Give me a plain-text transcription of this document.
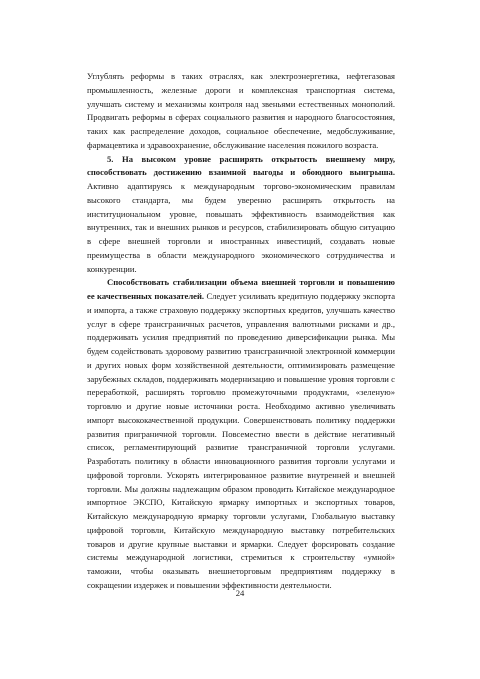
Углублять реформы в таких отраслях, как электроэнергетика, нефтегазовая промышленность, железные дороги и комплексная транспортная система, улучшать систему и механизмы контроля над звеньями естественных монополий. Продвигать реформы в сферах социального развития и народного благосостояния, таких как распределение доходов, социальное обеспечение, медобслуживание, фармацевтика и здравоохранение, обслуживание населения пожилого возраста.

5. На высоком уровне расширять открытость внешнему миру, способствовать достижению взаимной выгоды и обоюдного выигрыша. Активно адаптируясь к международным торгово-экономическим правилам высокого стандарта, мы будем уверенно расширять открытость на институциональном уровне, повышать эффективность взаимодействия как внутренних, так и внешних рынков и ресурсов, стабилизировать общую ситуацию в сфере внешней торговли и иностранных инвестиций, создавать новые преимущества в области международного экономического сотрудничества и конкуренции.

Способствовать стабилизации объема внешней торговли и повышению ее качественных показателей. Следует усиливать кредитную поддержку экспорта и импорта, а также страховую поддержку экспортных кредитов, улучшать качество услуг в сфере трансграничных расчетов, управления валютными рисками и др., поддерживать усилия предприятий по проведению диверсификации рынка. Мы будем содействовать здоровому развитию трансграничной электронной коммерции и других новых форм хозяйственной деятельности, оптимизировать размещение зарубежных складов, поддерживать модернизацию и повышение уровня торговли с переработкой, расширять торговлю промежуточными продуктами, «зеленую» торговлю и другие новые источники роста. Необходимо активно увеличивать импорт высококачественной продукции. Совершенствовать политику поддержки развития приграничной торговли. Повсеместно ввести в действие негативный список, регламентирующий развитие трансграничной торговли услугами. Разработать политику в области инновационного развития торговли услугами и цифровой торговли. Ускорять интегрированное развитие внутренней и внешней торговли. Мы должны надлежащим образом проводить Китайское международное импортное ЭКСПО, Китайскую ярмарку импортных и экспортных товаров, Китайскую международную ярмарку торговли услугами, Глобальную выставку цифровой торговли, Китайскую международную выставку потребительских товаров и другие крупные выставки и ярмарки. Следует форсировать создание системы международной логистики, стремиться к строительству «умной» таможни, чтобы оказывать внешнеторговым предприятиям поддержку в сокращении издержек и повышении эффективности деятельности.

24
